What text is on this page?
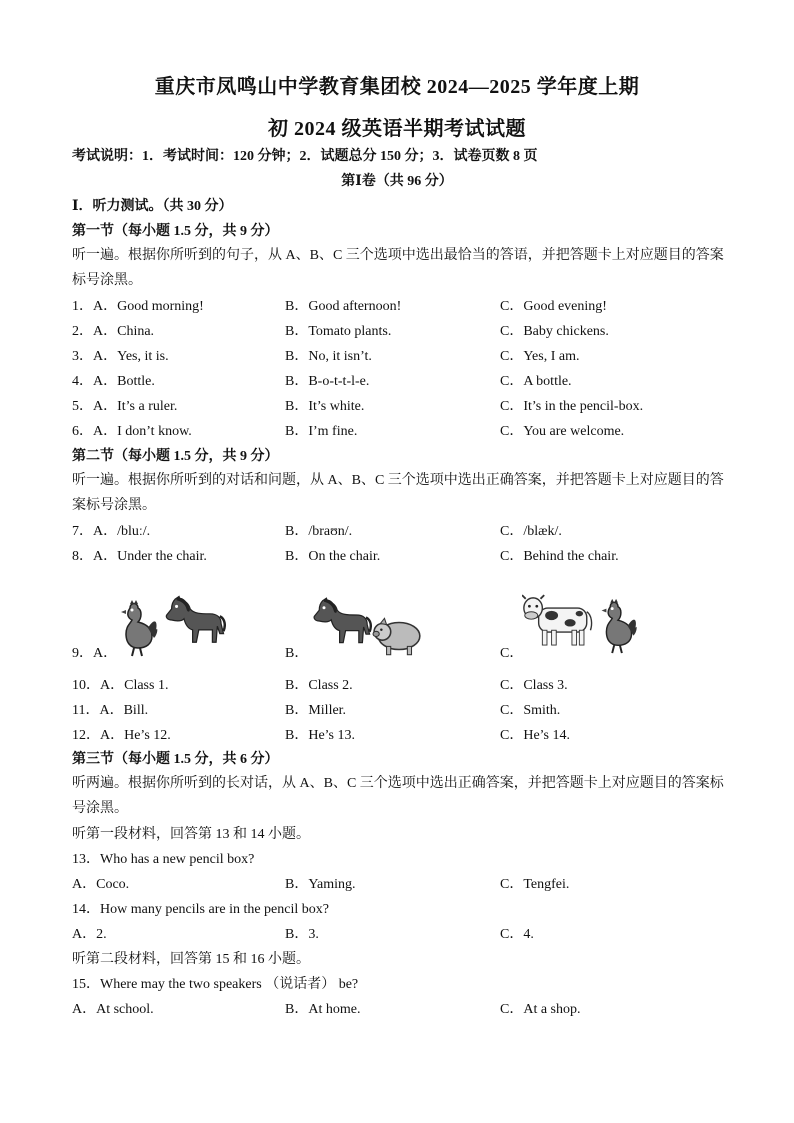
重庆市凤鸣山中学教育集团校 2024—2025 学年度上期
初 2024 级英语半期考试试题
考试说明：1．考试时间：120 分钟；2．试题总分 150 分；3．试卷页数 8 页
第Ⅰ卷（共 96 分）
Ⅰ．听力测试。（共 30 分）
第一节（每小题 1.5 分，共 9 分）
听一遍。根据你所听到的句子，从 A、B、C 三个选项中选出最恰当的答语，并把答题卡上对应题目的答案标号涂黑。
1．A．Good morning!	B．Good afternoon!	C．Good evening!
2．A．China.	B．Tomato plants.	C．Baby chickens.
3．A．Yes, it is.	B．No, it isn’t.	C．Yes, I am.
4．A．Bottle.	B．B-o-t-t-l-e.	C．A bottle.
5．A．It’s a ruler.	B．It’s white.	C．It’s in the pencil-box.
6．A．I don’t know.	B．I’m fine.	C．You are welcome.
第二节（每小题 1.5 分，共 9 分）
听一遍。根据你所听到的对话和问题，从 A、B、C 三个选项中选出正确答案，并把答题卡上对应题目的答案标号涂黑。
7．A．/bluː/.	B．/braʊn/.	C．/blæk/.
8．A．Under the chair.	B．On the chair.	C．Behind the chair.
9．A．	B．	C．
10．A．Class 1.	B．Class 2.	C．Class 3.
11．A．Bill.	B．Miller.	C．Smith.
12．A．He’s 12.	B．He’s 13.	C．He’s 14.
第三节（每小题 1.5 分，共 6 分）
听两遍。根据你所听到的长对话，从 A、B、C 三个选项中选出正确答案，并把答题卡上对应题目的答案标号涂黑。
听第一段材料，回答第 13 和 14 小题。
13．Who has a new pencil box?
A．Coco.	B．Yaming.	C．Tengfei.
14．How many pencils are in the pencil box?
A．2.	B．3.	C．4.
听第二段材料，回答第 15 和 16 小题。
15．Where may the two speakers （说话者） be?
A．At school.	B．At home.	C．At a shop.
